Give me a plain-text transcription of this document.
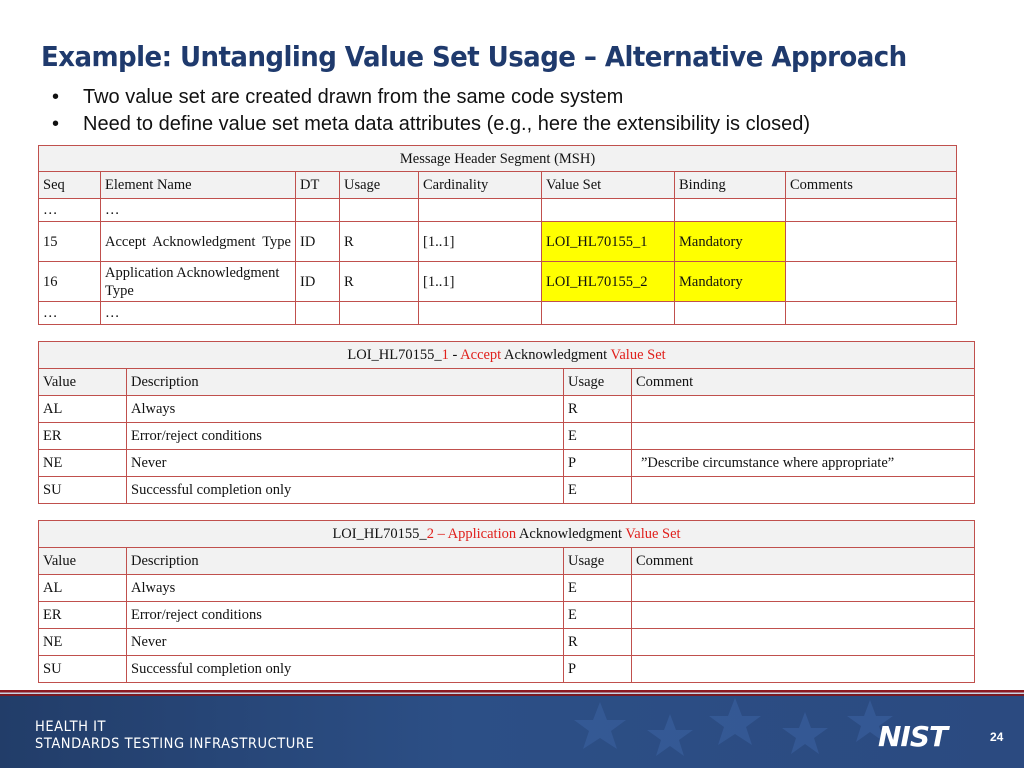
Example: Untangling Value Set Usage – Alternative Approach
• Two value set are created drawn from the same code system
• Need to define value set meta data attributes (e.g., here the extensibility is closed)
Message Header Segment (MSH)							
Seq	Element Name	DT	Usage	Cardinality	Value Set	Binding	Comments
…	…						
15	Accept Acknowledgment Type	ID	R	[1..1]	LOI_HL70155_1	Mandatory	
16	Application Acknowledgment Type	ID	R	[1..1]	LOI_HL70155_2	Mandatory	
…	…						
LOI_HL70155_1 - Accept Acknowledgment Value Set			
Value	Description	Usage	Comment
AL	Always	R	
ER	Error/reject conditions	E	
NE	Never	P	”Describe circumstance where appropriate”
SU	Successful completion only	E	
LOI_HL70155_2 – Application Acknowledgment Value Set			
Value	Description	Usage	Comment
AL	Always	E	
ER	Error/reject conditions	E	
NE	Never	R	
SU	Successful completion only	P	
HEALTH IT
STANDARDS TESTING INFRASTRUCTURE	NIST	24
